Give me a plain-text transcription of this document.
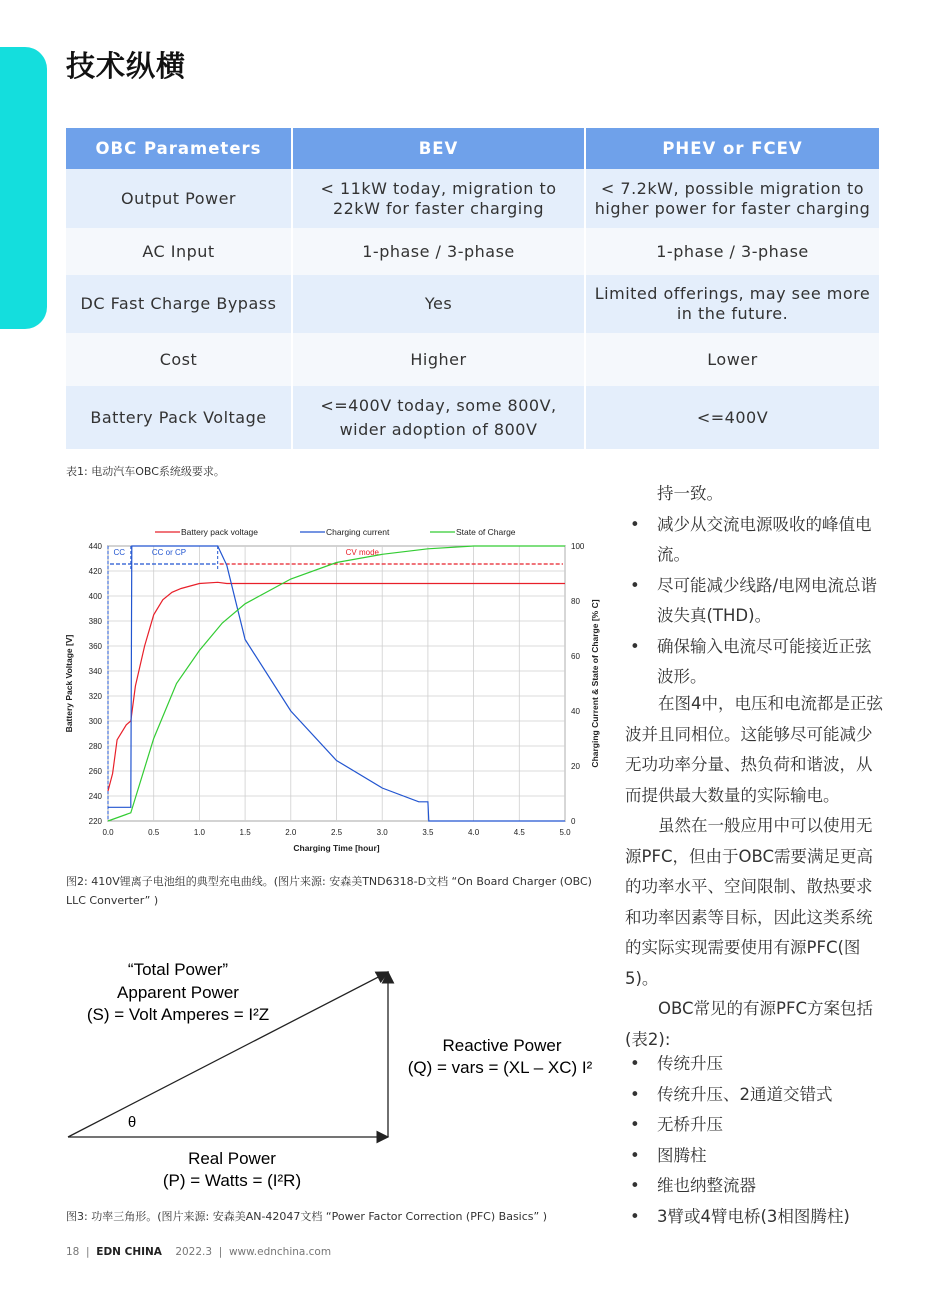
技术纵横
OBC Parameters	BEV	PHEV or FCEV
Output Power	< 11kW today, migration to 22kW for faster charging	< 7.2kW, possible migration to higher power for faster charging
AC Input	1-phase / 3-phase	1-phase / 3-phase
DC Fast Charge Bypass	Yes	Limited offerings, may see more in the future.
Cost	Higher	Lower
Battery Pack Voltage	<=400V today, some 800V, wider adoption of 800V	<=400V
表1: 电动汽车OBC系统级要求。
0.0	0.5	1.0	1.5	2.0	2.5	3.0	3.5	4.0	4.5	5.0
220
240
260
280
300
320
340
360
380
400
420
440
0
20
40
60
80
100
Charging Time [hour]
Battery Pack Voltage [V]	Charging Current & State of Charge [% C]
CC	CC or CP	CV mode
Battery pack voltage	Charging current	State of Charge
图2: 410V锂离子电池组的典型充电曲线。(图片来源: 安森美TND6318-D文档 “On Board Charger (OBC) LLC Converter” )
“Total Power”
Apparent Power
(S) = Volt Amperes = I²Z
Reactive Power
(Q) = vars = (XL – XC) I²
θ
Real Power
(P) = Watts = (I²R)
图3: 功率三角形。(图片来源: 安森美AN-42047文档 “Power Factor Correction (PFC) Basics” )
持一致。
• 减少从交流电源吸收的峰值电流。
• 尽可能减少线路/电网电流总谐波失真(THD)。
• 确保输入电流尽可能接近正弦波形。
在图4中，电压和电流都是正弦波并且同相位。这能够尽可能减少无功功率分量、热负荷和谐波，从而提供最大数量的实际输电。
虽然在一般应用中可以使用无源PFC，但由于OBC需要满足更高的功率水平、空间限制、散热要求和功率因素等目标，因此这类系统的实际实现需要使用有源PFC(图5)。
OBC常见的有源PFC方案包括(表2):
• 传统升压
• 传统升压、2通道交错式
• 无桥升压
• 图腾柱
• 维也纳整流器
• 3臂或4臂电桥(3相图腾柱)
18  |  EDN CHINA 2022.3  |  www.ednchina.com
